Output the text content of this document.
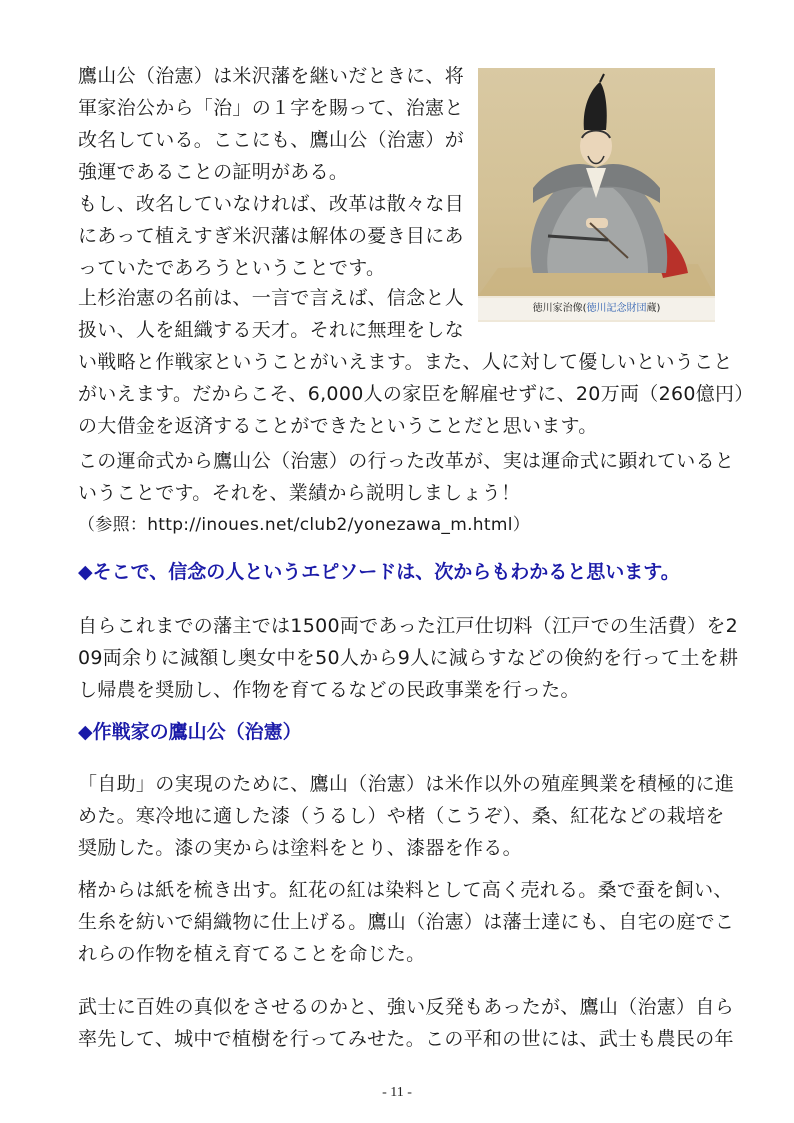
鷹山公（治憲）は米沢藩を継いだときに、将
軍家治公から「治」の１字を賜って、治憲と
改名している。ここにも、鷹山公（治憲）が
強運であることの証明がある。
もし、改名していなければ、改革は散々な目
にあって植えすぎ米沢藩は解体の憂き目にあ
っていたであろうということです。
徳川家治像(徳川記念財団蔵)
上杉治憲の名前は、一言で言えば、信念と人
扱い、人を組織する天才。それに無理をしな
い戦略と作戦家ということがいえます。また、人に対して優しいということ
がいえます。だからこそ、6,000人の家臣を解雇せずに、20万両（260億円）
の大借金を返済することができたということだと思います。
この運命式から鷹山公（治憲）の行った改革が、実は運命式に顕れていると
いうことです。それを、業績から説明しましょう！
（参照：http://inoues.net/club2/yonezawa_m.html）
◆そこで、信念の人というエピソードは、次からもわかると思います。
自らこれまでの藩主では1500両であった江戸仕切料（江戸での生活費）を2
09両余りに減額し奥女中を50人から9人に減らすなどの倹約を行って土を耕
し帰農を奨励し、作物を育てるなどの民政事業を行った。
◆作戦家の鷹山公（治憲）
「自助」の実現のために、鷹山（治憲）は米作以外の殖産興業を積極的に進
めた。寒冷地に適した漆（うるし）や楮（こうぞ）、桑、紅花などの栽培を
奨励した。漆の実からは塗料をとり、漆器を作る。
楮からは紙を梳き出す。紅花の紅は染料として高く売れる。桑で蚕を飼い、
生糸を紡いで絹織物に仕上げる。鷹山（治憲）は藩士達にも、自宅の庭でこ
れらの作物を植え育てることを命じた。
武士に百姓の真似をさせるのかと、強い反発もあったが、鷹山（治憲）自ら
率先して、城中で植樹を行ってみせた。この平和の世には、武士も農民の年
- 11 -
